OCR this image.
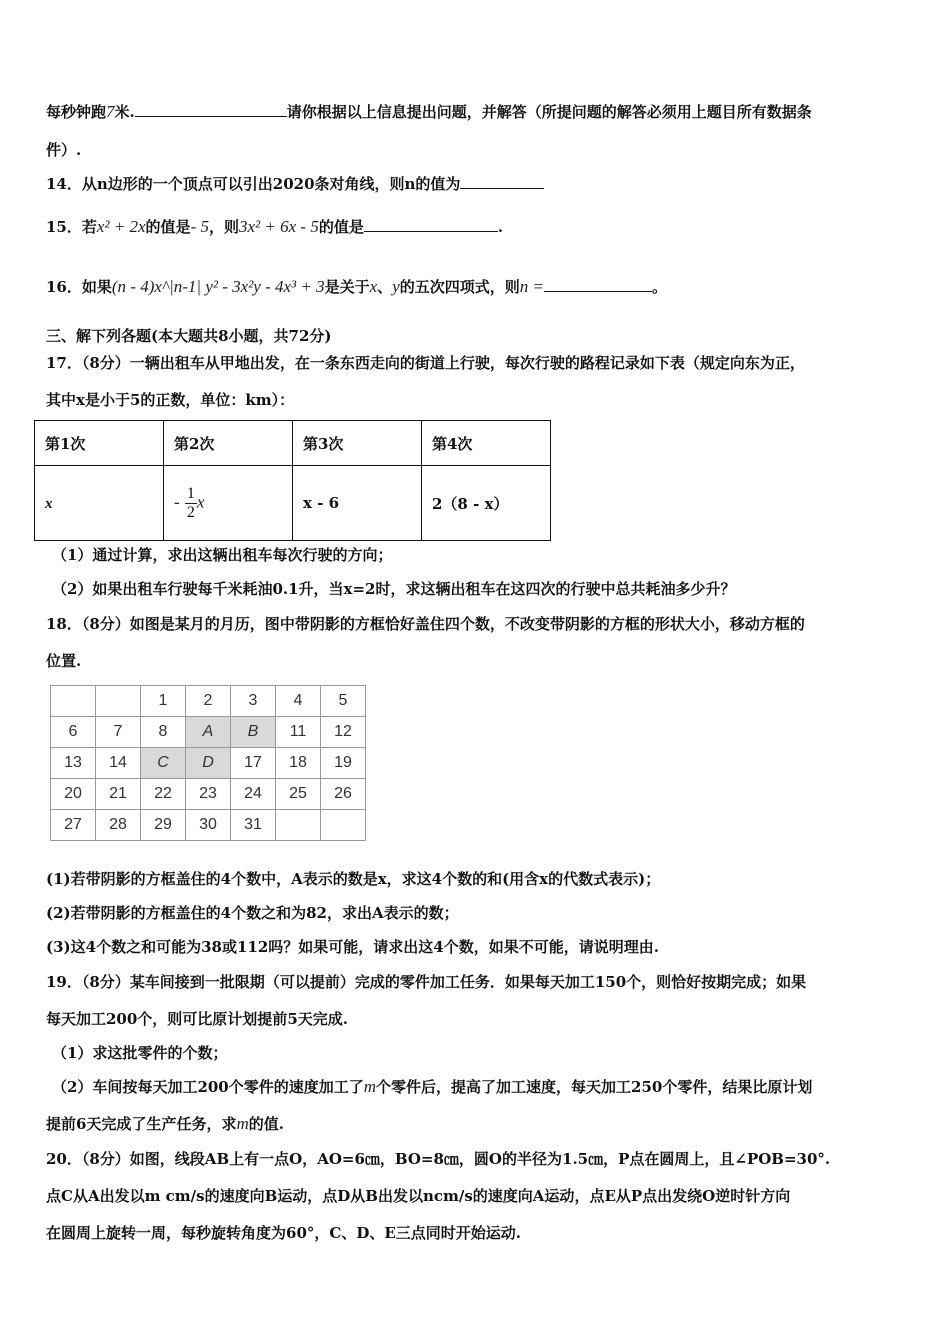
每秒钟跑7米.	请你根据以上信息提出问题，并解答（所提问题的解答必须用上题目所有数据条
件）.
14．从n边形的一个顶点可以引出2020条对角线，则n的值为
15．若x² + 2x的值是- 5，则3x² + 6x - 5的值是	.
16．如果(n - 4)x^|n-1| y² - 3x²y - 4x³ + 3是关于x、y的五次四项式，则n =	。
三、解下列各题(本大题共8小题，共72分)
17．（8分）一辆出租车从甲地出发，在一条东西走向的街道上行驶，每次行驶的路程记录如下表（规定向东为正，
其中x是小于5的正数，单位：km）：
第1次	第2次	第3次	第4次
x	- $\frac{1}{2}$ x	x - 6	2（8 - x）
（1）通过计算，求出这辆出租车每次行驶的方向；
（2）如果出租车行驶每千米耗油0.1升，当x=2时，求这辆出租车在这四次的行驶中总共耗油多少升？
18．（8分）如图是某月的月历，图中带阴影的方框恰好盖住四个数，不改变带阴影的方框的形状大小，移动方框的
位置.
		1	2	3	4	5
6	7	8	A	B	11	12
13	14	C	D	17	18	19
20	21	22	23	24	25	26
27	28	29	30	31		
(1)若带阴影的方框盖住的4个数中，A表示的数是x，求这4个数的和(用含x的代数式表示)；
(2)若带阴影的方框盖住的4个数之和为82，求出A表示的数；
(3)这4个数之和可能为38或112吗？如果可能，请求出这4个数，如果不可能，请说明理由.
19．（8分）某车间接到一批限期（可以提前）完成的零件加工任务．如果每天加工150个，则恰好按期完成；如果
每天加工200个，则可比原计划提前5天完成.
（1）求这批零件的个数；
（2）车间按每天加工200个零件的速度加工了m个零件后，提高了加工速度，每天加工250个零件，结果比原计划
提前6天完成了生产任务，求m的值.
20．（8分）如图，线段AB上有一点O，AO=6㎝，BO=8㎝，圆O的半径为1.5㎝，P点在圆周上，且∠POB=30°.
点C从A出发以m cm/s的速度向B运动，点D从B出发以ncm/s的速度向A运动，点E从P点出发绕O逆时针方向
在圆周上旋转一周，每秒旋转角度为60°，C、D、E三点同时开始运动.
